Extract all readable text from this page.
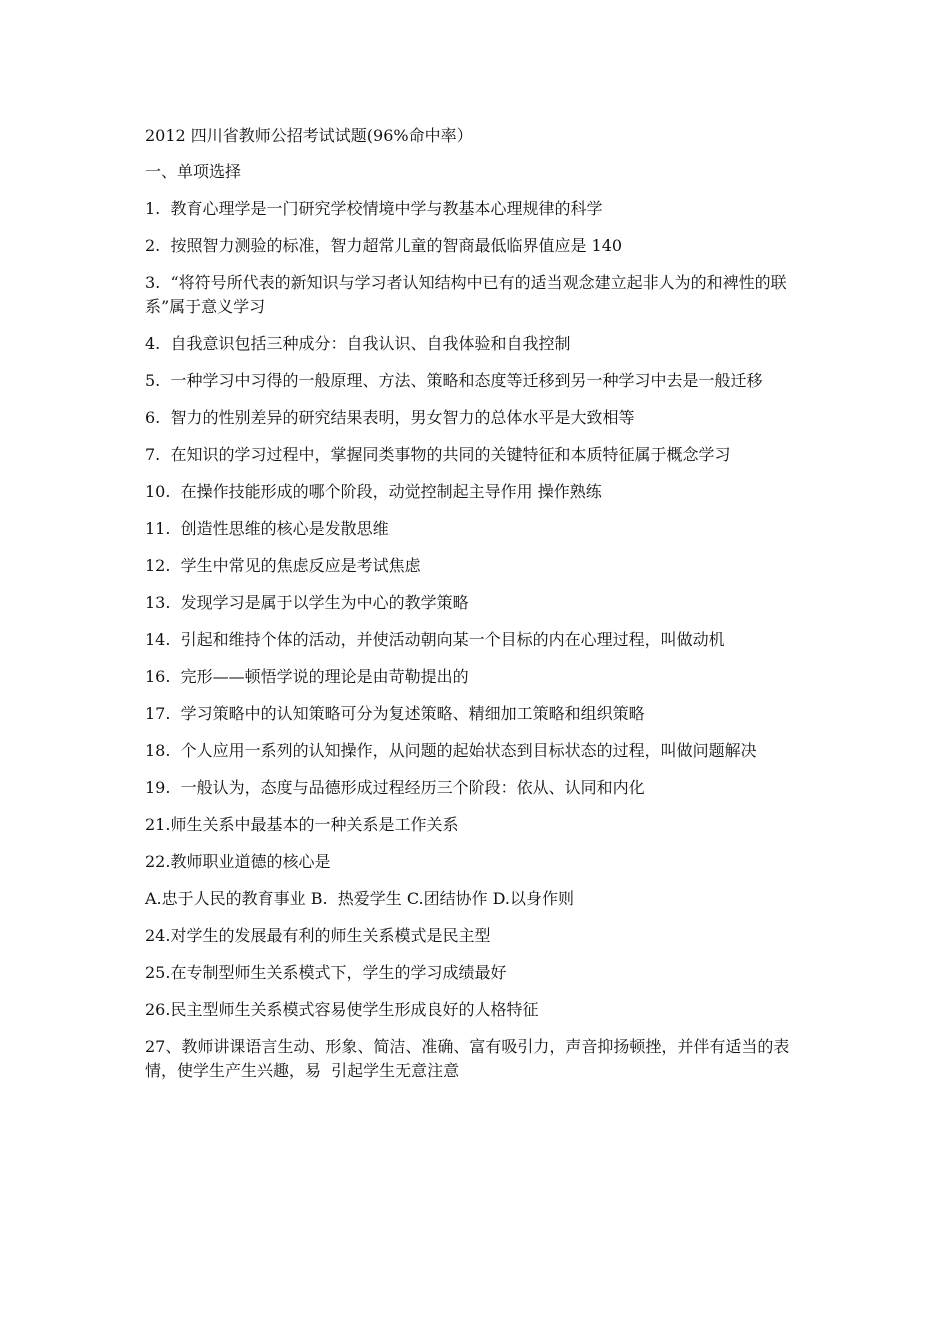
2012 四川省教师公招考试试题(96%命中率）

一、单项选择

1.  教育心理学是一门研究学校情境中学与教基本心理规律的科学

2.  按照智力测验的标准，智力超常儿童的智商最低临界值应是 140

3.  “将符号所代表的新知识与学习者认知结构中已有的适当观念建立起非人为的和裨性的联系”属于意义学习

4.  自我意识包括三种成分：自我认识、自我体验和自我控制

5.  一种学习中习得的一般原理、方法、策略和态度等迁移到另一种学习中去是一般迁移

6.  智力的性别差异的研究结果表明，男女智力的总体水平是大致相等

7.  在知识的学习过程中，掌握同类事物的共同的关键特征和本质特征属于概念学习

10.  在操作技能形成的哪个阶段，动觉控制起主导作用 操作熟练

11.  创造性思维的核心是发散思维

12.  学生中常见的焦虑反应是考试焦虑

13.  发现学习是属于以学生为中心的教学策略

14.  引起和维持个体的活动，并使活动朝向某一个目标的内在心理过程，叫做动机

16.  完形——顿悟学说的理论是由苛勒提出的

17.  学习策略中的认知策略可分为复述策略、精细加工策略和组织策略

18.  个人应用一系列的认知操作，从问题的起始状态到目标状态的过程，叫做问题解决

19.  一般认为，态度与品德形成过程经历三个阶段：依从、认同和内化

21.师生关系中最基本的一种关系是工作关系

22.教师职业道德的核心是

A.忠于人民的教育事业 B.  热爱学生 C.团结协作 D.以身作则

24.对学生的发展最有利的师生关系模式是民主型

25.在专制型师生关系模式下，学生的学习成绩最好

26.民主型师生关系模式容易使学生形成良好的人格特征

27、教师讲课语言生动、形象、简洁、准确、富有吸引力，声音抑扬顿挫，并伴有适当的表情，使学生产生兴趣，易  引起学生无意注意
